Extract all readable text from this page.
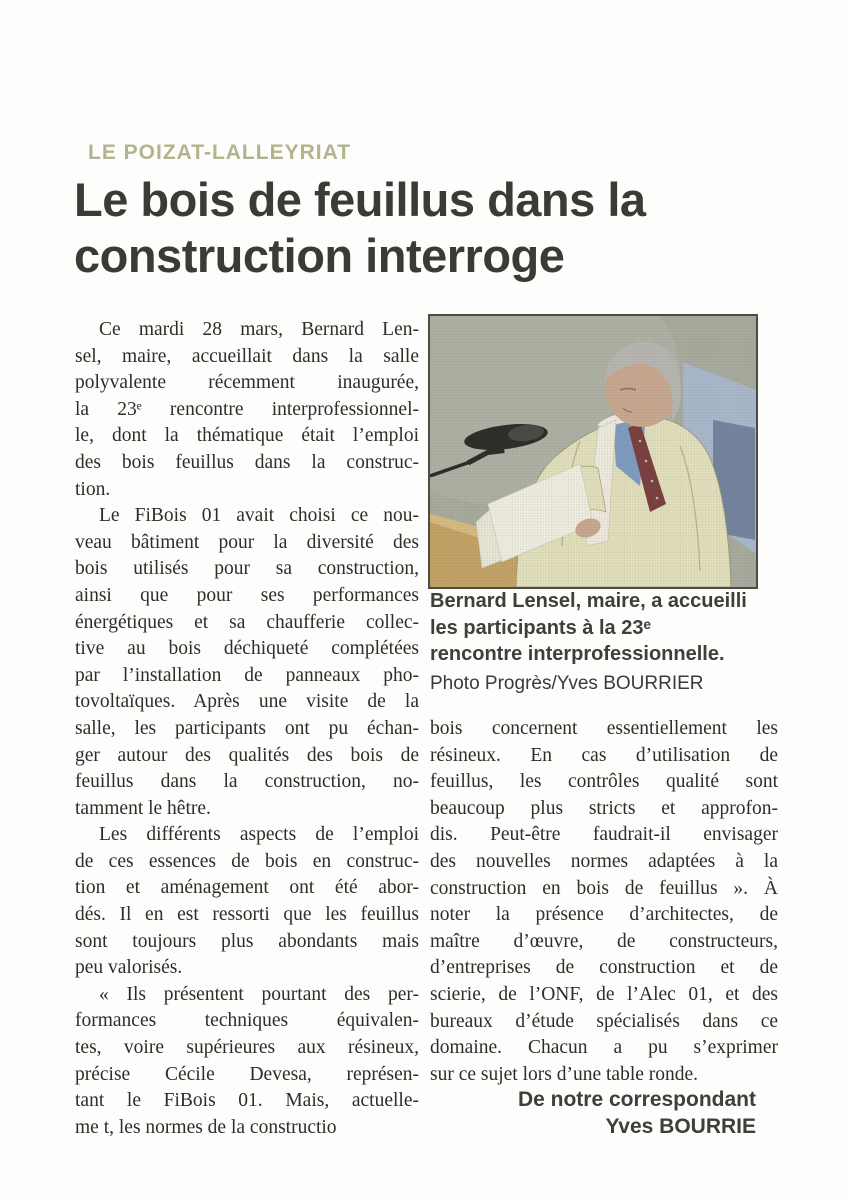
LE POIZAT-LALLEYRIAT
Le bois de feuillus dans la
construction interroge
Ce mardi 28 mars, Bernard Len-
sel, maire, accueillait dans la salle
polyvalente récemment inaugurée,
la 23ᵉ rencontre interprofessionnel-
le, dont la thématique était l’emploi
des bois feuillus dans la construc-
tion.
Le FiBois 01 avait choisi ce nou-
veau bâtiment pour la diversité des
bois utilisés pour sa construction,
ainsi que pour ses performances
énergétiques et sa chaufferie collec-
tive au bois déchiqueté complétées
par l’installation de panneaux pho-
tovoltaïques. Après une visite de la
salle, les participants ont pu échan-
ger autour des qualités des bois de
feuillus dans la construction, no-
tamment le hêtre.
Les différents aspects de l’emploi
de ces essences de bois en construc-
tion et aménagement ont été abor-
dés. Il en est ressorti que les feuillus
sont toujours plus abondants mais
peu valorisés.
« Ils présentent pourtant des per-
formances techniques équivalen-
tes, voire supérieures aux résineux,
précise Cécile Devesa, représen-
tant le FiBois 01. Mais, actuelle-
me t, les normes de la constructio
Bernard Lensel, maire, a accueilli
les participants à la 23ᵉ
rencontre interprofessionnelle.
Photo Progrès/Yves BOURRIER
bois concernent essentiellement les
résineux. En cas d’utilisation de
feuillus, les contrôles qualité sont
beaucoup plus stricts et approfon-
dis. Peut-être faudrait-il envisager
des nouvelles normes adaptées à la
construction en bois de feuillus ». À
noter la présence d’architectes, de
maître d’œuvre, de constructeurs,
d’entreprises de construction et de
scierie, de l’ONF, de l’Alec 01, et des
bureaux d’étude spécialisés dans ce
domaine. Chacun a pu s’exprimer
sur ce sujet lors d’une table ronde.
De notre correspondant
Yves BOURRIE
